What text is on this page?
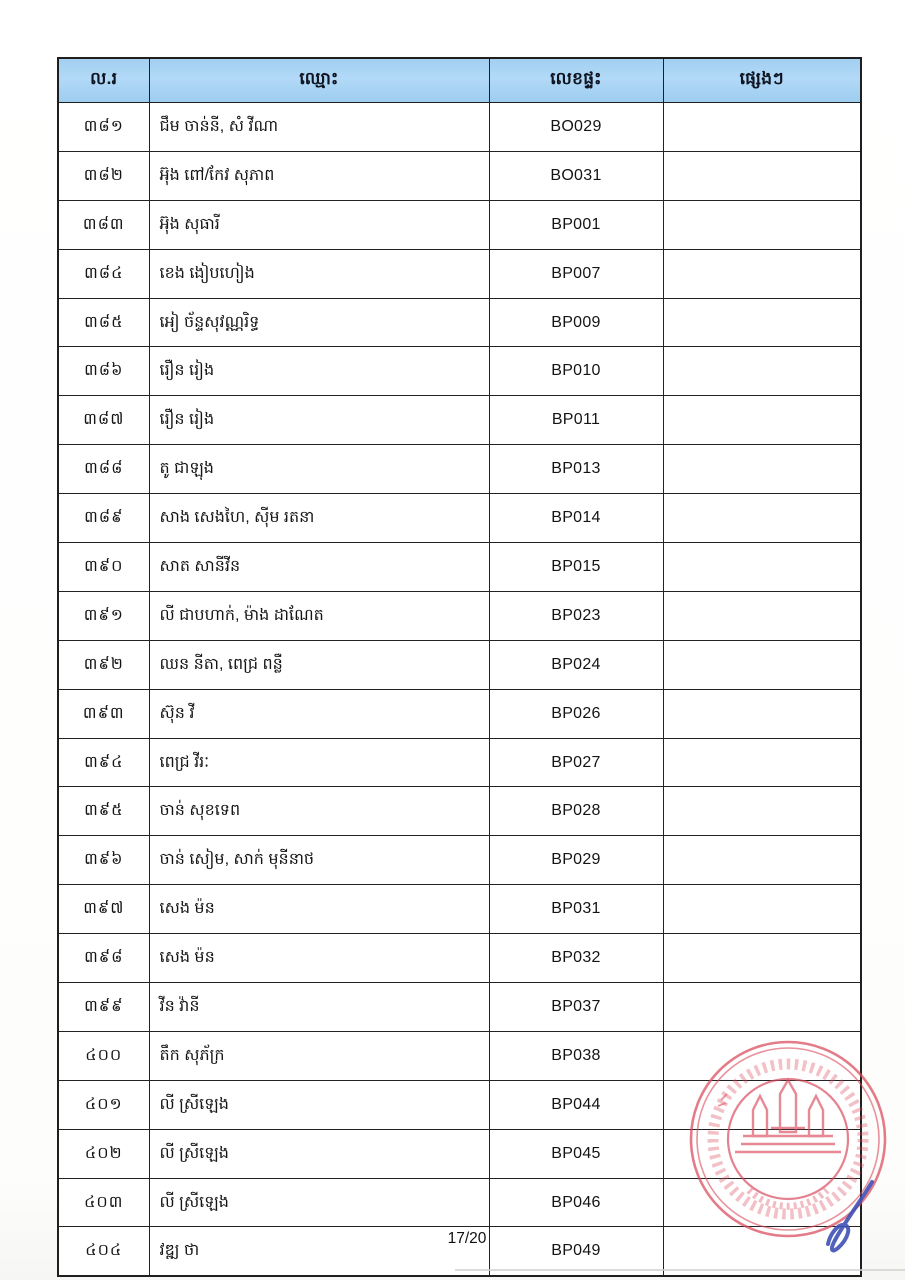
ល.រ	ឈ្មោះ	លេខផ្ទះ	ផ្សេងៗ
៣៨១	ជឹម ចាន់នី, សំ វីណា	BO029	
៣៨២	អ៊ុង ពៅ/កែវ សុភាព	BO031	
៣៨៣	អ៊ុង សុធារី	BP001	
៣៨៤	ខេង ងៀបហៀង	BP007	
៣៨៥	អៀ ច័ន្ទសុវណ្ណរិទ្ធ	BP009	
៣៨៦	រឿន រៀង	BP010	
៣៨៧	រឿន រៀង	BP011	
៣៨៨	តូ ជាឡុង	BP013	
៣៨៩	សាង សេងហៃ, ស៊ីម រតនា	BP014	
៣៩០	សាត សានីវីន	BP015	
៣៩១	លី ជាបហាក់, ម៉ាង ដាណែត	BP023	
៣៩២	ឈន នីតា, ពេជ្រ ពន្លឺ	BP024	
៣៩៣	ស៊ុន វី	BP026	
៣៩៤	ពេជ្រ វីរៈ	BP027	
៣៩៥	ចាន់ សុខទេព	BP028	
៣៩៦	ចាន់ សៀម, សាក់ មុនីនាថ	BP029	
៣៩៧	សេង ម៉ន	BP031	
៣៩៨	សេង ម៉ន	BP032	
៣៩៩	វីន វ៉ានី	BP037	
៤០០	តឹក សុភ័ក្រ	BP038	
៤០១	លី ស្រីឡេង	BP044	
៤០២	លី ស្រីឡេង	BP045	
៤០៣	លី ស្រីឡេង	BP046	
៤០៤	វឌ្ឍ ថា	BP049	
17/20
